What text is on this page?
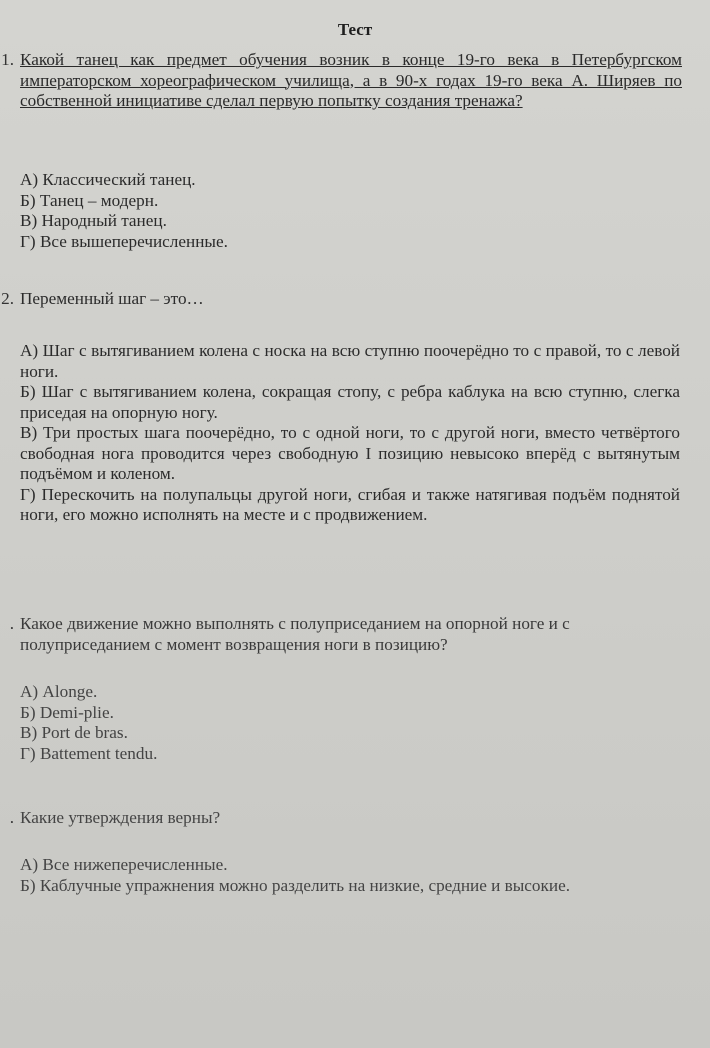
Тест
1. Какой танец как предмет обучения возник в конце 19-го века в Петербургском императорском хореографическом училища, а в 90-х годах 19-го века А. Ширяев по собственной инициативе сделал первую попытку создания тренажа?
А) Классический танец.
Б) Танец – модерн.
В) Народный танец.
Г) Все вышеперечисленные.
2. Переменный шаг – это…
А) Шаг с вытягиванием колена с носка на всю ступню поочерёдно то с правой, то с левой ноги.
Б) Шаг с вытягиванием колена, сокращая стопу, с ребра каблука на всю ступню, слегка приседая на опорную ногу.
В) Три простых шага поочерёдно, то с одной ноги, то с другой ноги, вместо четвёртого свободная нога проводится через свободную I позицию невысоко вперёд с вытянутым подъёмом и коленом.
Г) Перескочить на полупальцы другой ноги, сгибая и также натягивая подъём поднятой ноги, его можно исполнять на месте и с продвижением.
. Какое движение можно выполнять с полуприседанием на опорной ноге и с полуприседанием с момент возвращения ноги в позицию?
А) Alonge.
Б) Demi-plie.
В) Port de bras.
Г) Battement tendu.
. Какие утверждения верны?
А) Все нижеперечисленные.
Б) Каблучные упражнения можно разделить на низкие, средние и высокие.
